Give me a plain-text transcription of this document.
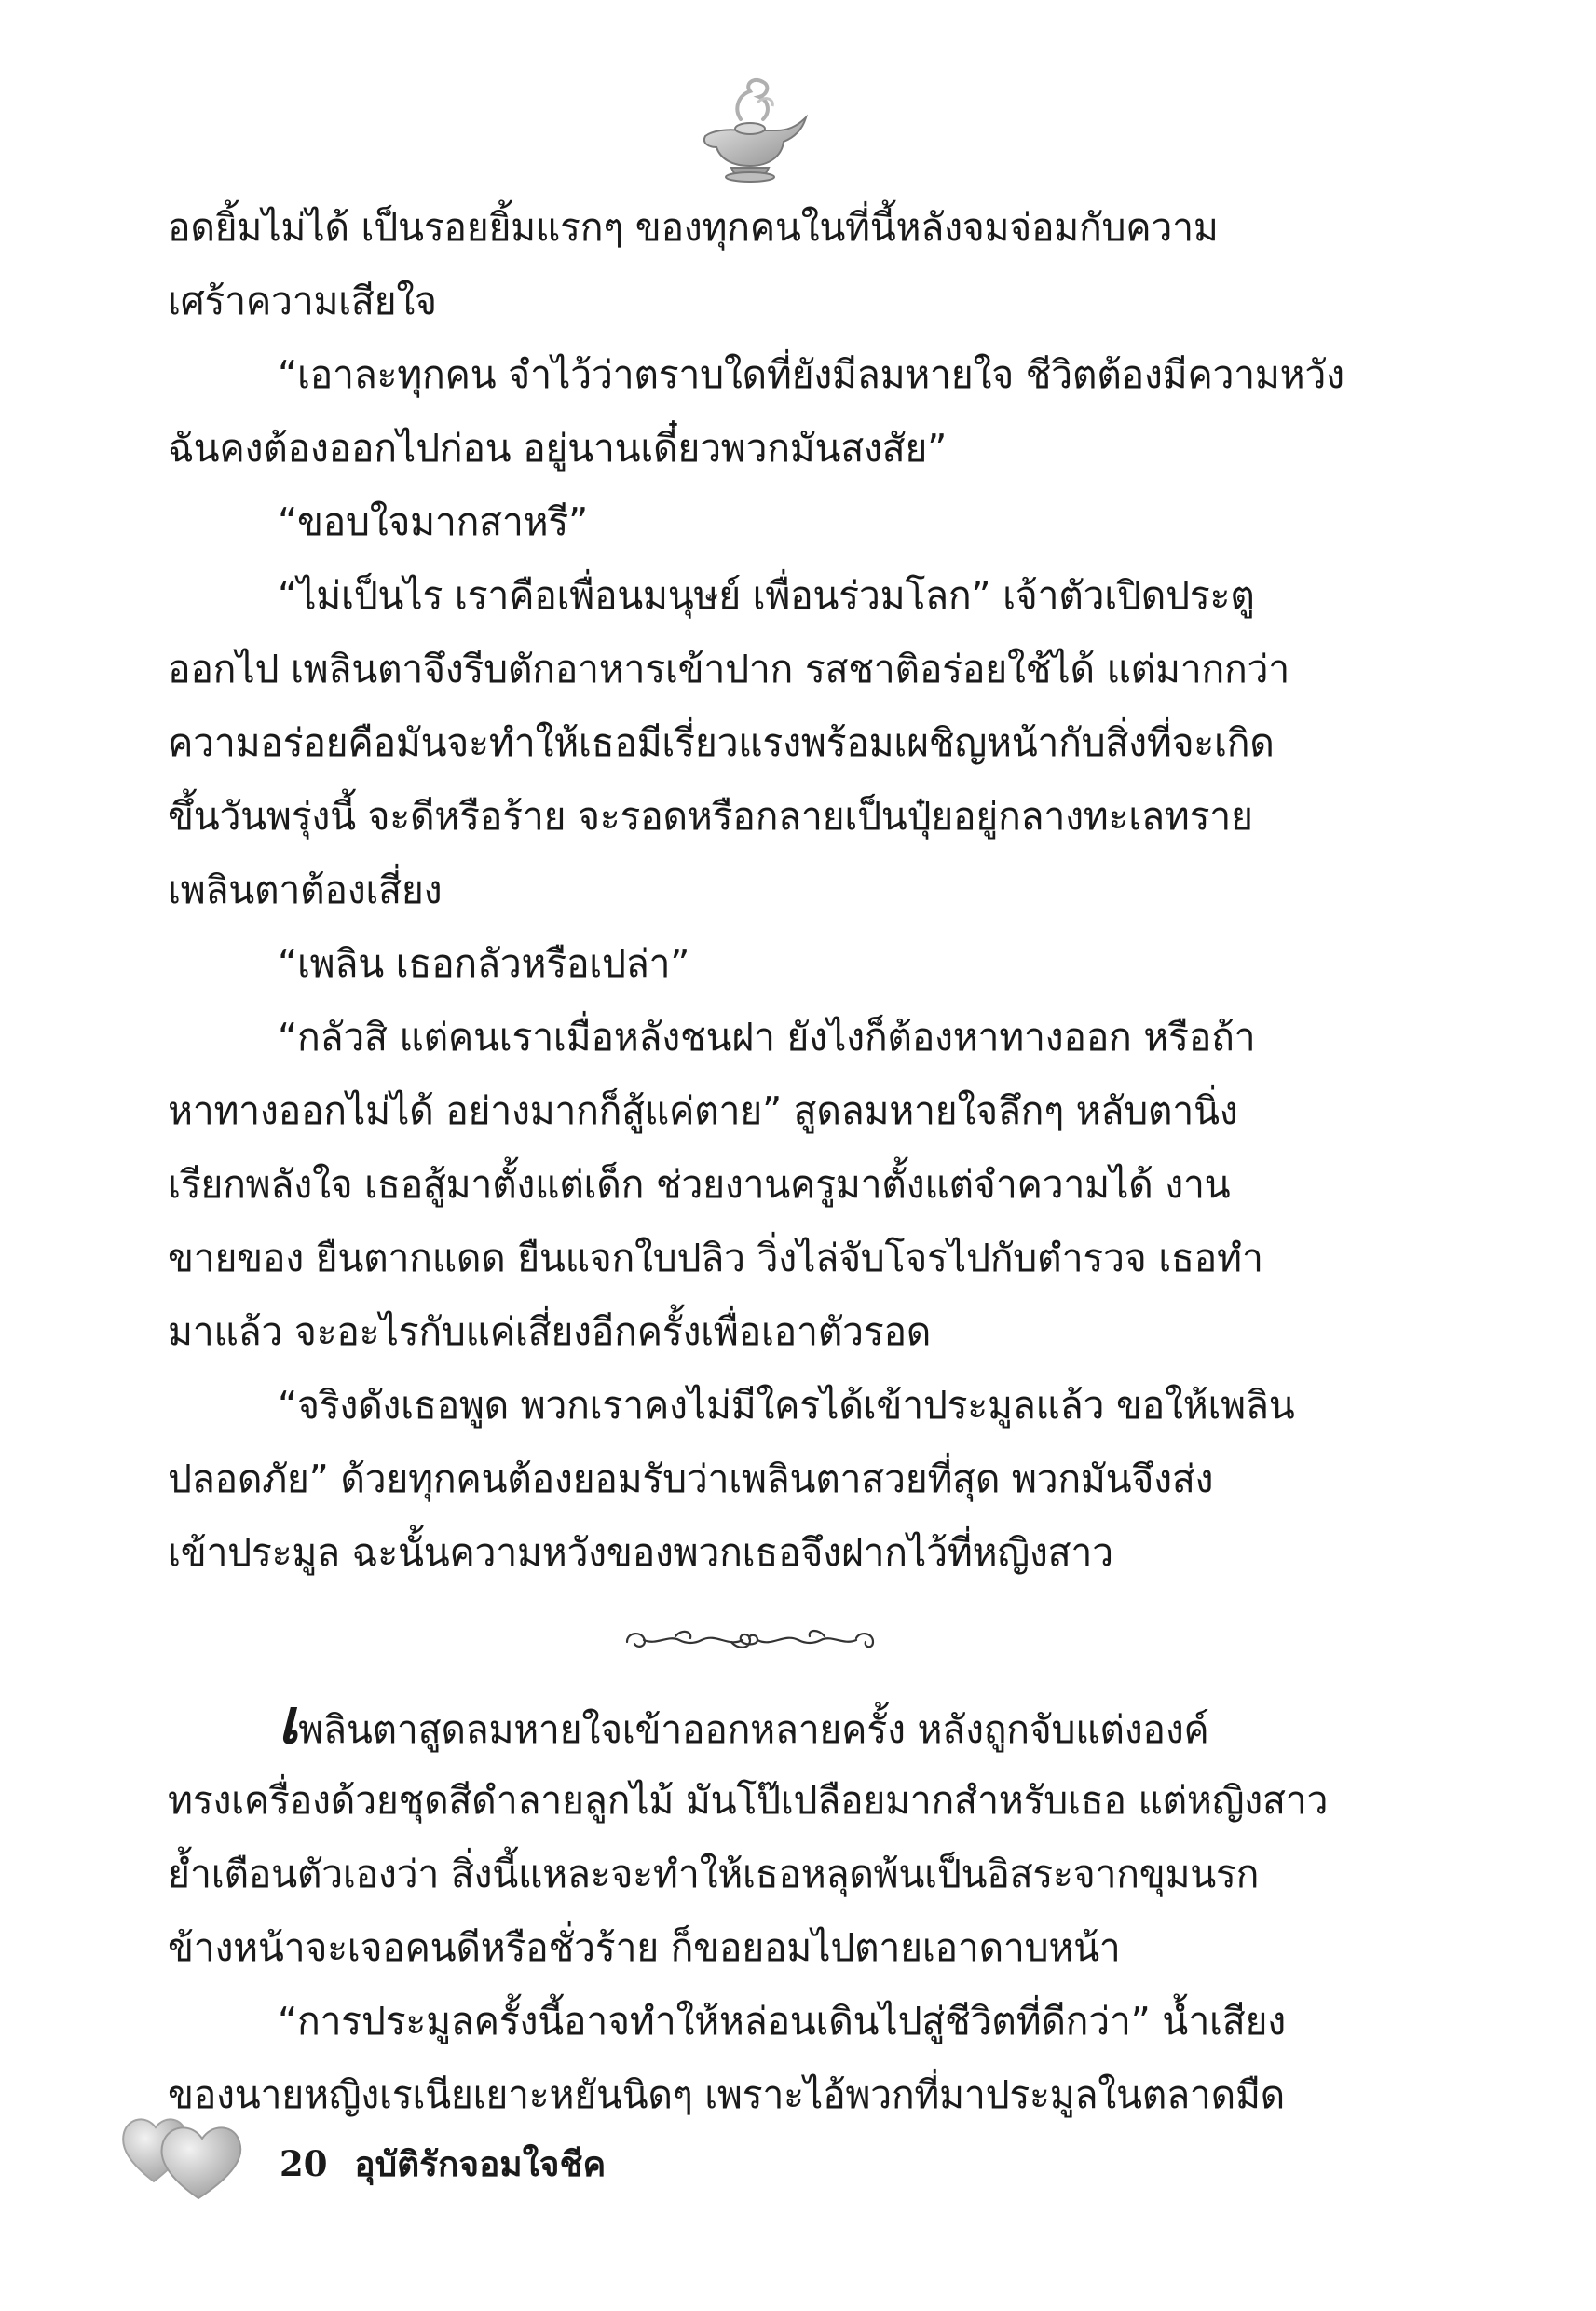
อดยิ้มไม่ได้ เป็นรอยยิ้มแรกๆ ของทุกคนในที่นี้หลังจมจ่อมกับความ
เศร้าความเสียใจ
“เอาละทุกคน จำไว้ว่าตราบใดที่ยังมีลมหายใจ ชีวิตต้องมีความหวัง
ฉันคงต้องออกไปก่อน อยู่นานเดี๋ยวพวกมันสงสัย”
“ขอบใจมากสาหรี”
“ไม่เป็นไร เราคือเพื่อนมนุษย์ เพื่อนร่วมโลก” เจ้าตัวเปิดประตู
ออกไป เพลินตาจึงรีบตักอาหารเข้าปาก รสชาติอร่อยใช้ได้ แต่มากกว่า
ความอร่อยคือมันจะทำให้เธอมีเรี่ยวแรงพร้อมเผชิญหน้ากับสิ่งที่จะเกิด
ขึ้นวันพรุ่งนี้ จะดีหรือร้าย จะรอดหรือกลายเป็นปุ๋ยอยู่กลางทะเลทราย
เพลินตาต้องเสี่ยง
“เพลิน เธอกลัวหรือเปล่า”
“กลัวสิ แต่คนเราเมื่อหลังชนฝา ยังไงก็ต้องหาทางออก หรือถ้า
หาทางออกไม่ได้ อย่างมากก็สู้แค่ตาย” สูดลมหายใจลึกๆ หลับตานิ่ง
เรียกพลังใจ เธอสู้มาตั้งแต่เด็ก ช่วยงานครูมาตั้งแต่จำความได้ งาน
ขายของ ยืนตากแดด ยืนแจกใบปลิว วิ่งไล่จับโจรไปกับตำรวจ เธอทำ
มาแล้ว จะอะไรกับแค่เสี่ยงอีกครั้งเพื่อเอาตัวรอด
“จริงดังเธอพูด พวกเราคงไม่มีใครได้เข้าประมูลแล้ว ขอให้เพลิน
ปลอดภัย” ด้วยทุกคนต้องยอมรับว่าเพลินตาสวยที่สุด พวกมันจึงส่ง
เข้าประมูล ฉะนั้นความหวังของพวกเธอจึงฝากไว้ที่หญิงสาว
เพลินตาสูดลมหายใจเข้าออกหลายครั้ง หลังถูกจับแต่งองค์
ทรงเครื่องด้วยชุดสีดำลายลูกไม้ มันโป๊เปลือยมากสำหรับเธอ แต่หญิงสาว
ย้ำเตือนตัวเองว่า สิ่งนี้แหละจะทำให้เธอหลุดพ้นเป็นอิสระจากขุมนรก
ข้างหน้าจะเจอคนดีหรือชั่วร้าย ก็ขอยอมไปตายเอาดาบหน้า
“การประมูลครั้งนี้อาจทำให้หล่อนเดินไปสู่ชีวิตที่ดีกว่า” น้ำเสียง
ของนายหญิงเรเนียเยาะหยันนิดๆ เพราะไอ้พวกที่มาประมูลในตลาดมืด
20 อุบัติรักจอมใจชีค
